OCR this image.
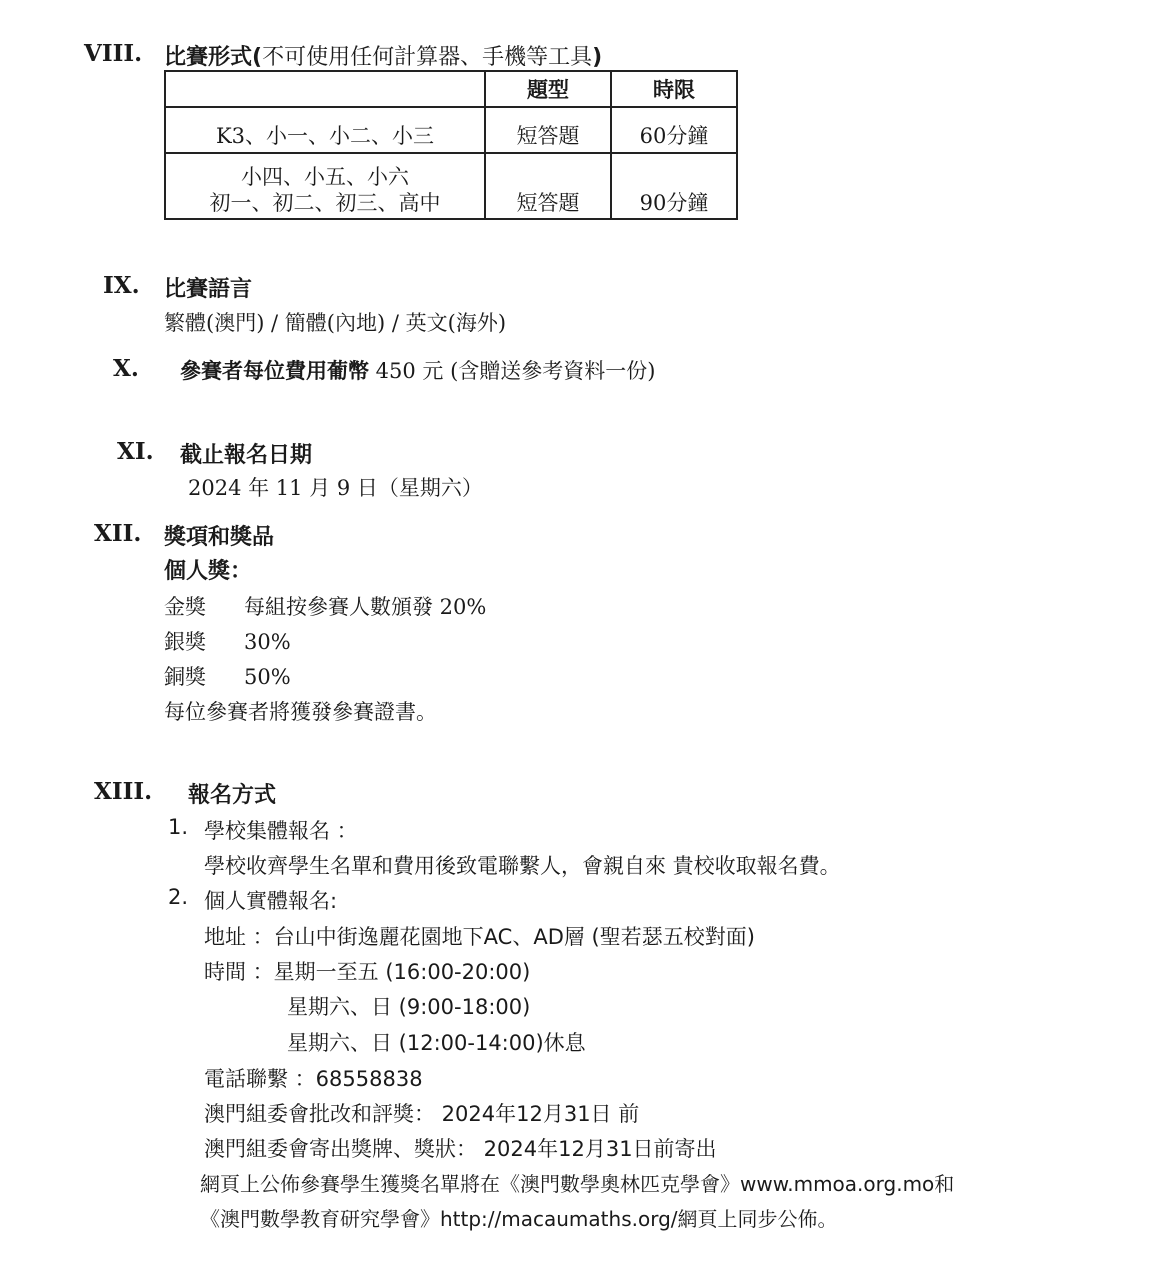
VIII. 比賽形式(不可使用任何計算器、手機等工具)
	題型	時限
K3、小一、小二、小三	短答題	60分鐘

小四、小五、小六
初一、初二、初三、高中	短答題	90分鐘
IX. 比賽語言
繁體(澳門) / 簡體(內地) / 英文(海外)
X. 參賽者每位費用葡幣 450 元 (含贈送參考資料一份)
XI. 截止報名日期
2024 年 11 月 9 日（星期六）
XII. 獎項和獎品
個人獎：
金獎 每組按參賽人數頒發 20%
銀獎 30%
銅獎 50%
每位參賽者將獲發參賽證書。
XIII. 報名方式
1. 學校集體報名 ：
學校收齊學生名單和費用後致電聯繫人，會親自來 貴校收取報名費。
2. 個人實體報名:
地址 ：台山中街逸麗花園地下AC、AD層 (聖若瑟五校對面)
時間 ：星期一至五 (16:00-20:00)
星期六、日 (9:00-18:00)
星期六、日 (12:00-14:00)休息
電話聯繫 ：68558838
澳門組委會批改和評獎： 2024年12月31日 前
澳門組委會寄出獎牌、獎狀： 2024年12月31日前寄出
網頁上公佈參賽學生獲獎名單將在《澳門數學奧林匹克學會》www.mmoa.org.mo和
《澳門數學教育研究學會》http://macaumaths.org/網頁上同步公佈。
